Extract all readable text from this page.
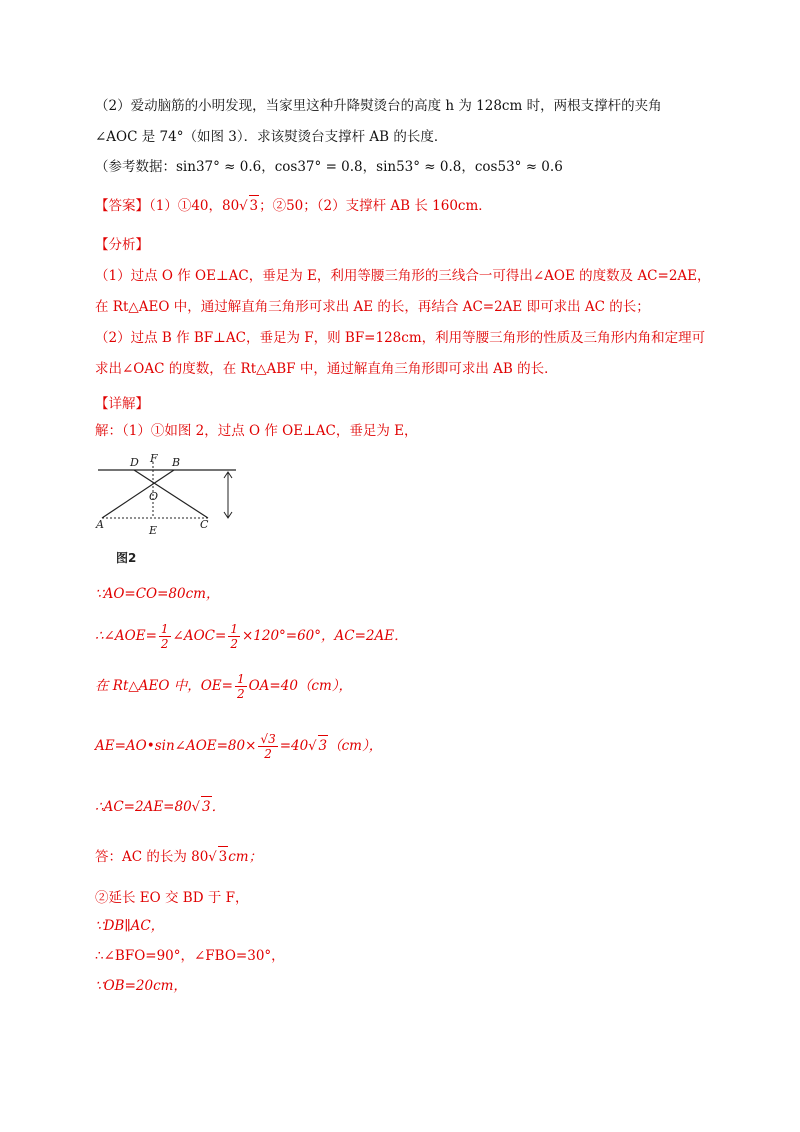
（2）爱动脑筋的小明发现，当家里这种升降熨烫台的高度 h 为 128cm 时，两根支撑杆的夹角
∠AOC 是 74°（如图 3）．求该熨烫台支撑杆 AB 的长度．
（参考数据：sin37° ≈ 0.6，cos37° = 0.8，sin53° ≈ 0.8，cos53° ≈ 0.6
【答案】（1）①40，80√ 3；②50；（2）支撑杆 AB 长 160cm．
【分析】
（1）过点 O 作 OE⊥AC，垂足为 E，利用等腰三角形的三线合一可得出∠AOE 的度数及 AC=2AE，
在 Rt△AEO 中，通过解直角三角形可求出 AE 的长，再结合 AC=2AE 即可求出 AC 的长；
（2）过点 B 作 BF⊥AC，垂足为 F，则 BF=128cm，利用等腰三角形的性质及三角形内角和定理可
求出∠OAC 的度数，在 Rt△ABF 中，通过解直角三角形即可求出 AB 的长．
【详解】
解：（1）①如图 2，过点 O 作 OE⊥AC，垂足为 E，
D F B
O
A	E	C
图2
∵AO=CO=80cm，
∴∠AOE= $\frac{1}{2}$ ∠AOC= $\frac{1}{2} \times 120^\circ=60^\circ$，AC=2AE．
在 Rt△AEO 中，$OE= \frac{1}{2} OA=40(cm)$，
AE=AO•sin∠AOE=80× $\frac{√3}{2} =40√$ 3（cm），
∴AC=2AE=80√ 3．
答：AC 的长为 80√ 3cm；
②延长 EO 交 BD 于 F，
∵DB∥AC，
∴∠BFO=90°，∠FBO=30°，
∵OB=20cm，
